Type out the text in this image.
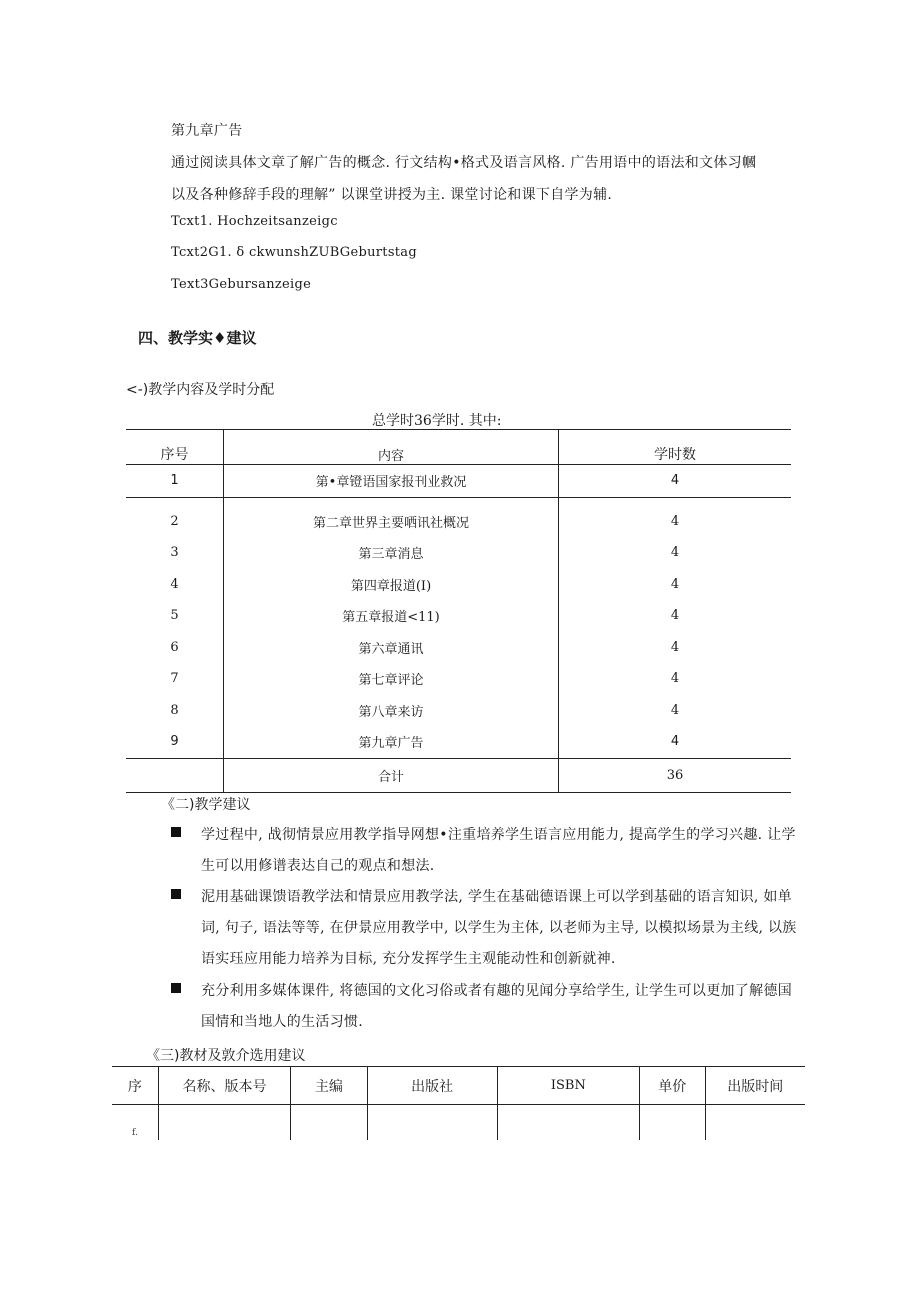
第九章广告
通过阅读具体文章了解广告的概念. 行文结构•格式及语言风格. 广告用语中的语法和文体习幗
以及各种修辞手段的理解” 以课堂讲授为主. 课堂讨论和课下自学为辅.
Tcxt1. Hochzeitsanzeigc
Tcxt2G1. δ ckwunshZUBGeburtstag
Text3Gebursanzeige
四、教学实♦建议
<-)教学内容及学时分配
总学时36学时. 其中:
序号	内容	学时数
1	第•章镫语国家报刊业救况	4
2	第二章世界主要哂讯社概况	4
3	第三章消息	4
4	第四章报道(I)	4
5	第五章报道<11)	4
6	第六章通讯	4
7	第七章评论	4
8	第八章来访	4
9	第九章广告	4
	合计	36
《二)教学建议
学过程中, 战彻情景应用教学指导网想•注重培养学生语言应用能力, 提高学生的学习兴趣. 让学生可以用修谱表达自己的观点和想法.
泥用基础课馈语教学法和情景应用教学法, 学生在基础德语课上可以学到基础的语言知识, 如单词, 句子, 语法等等, 在伊景应用教学中, 以学生为主体, 以老师为主导, 以模拟场景为主线, 以族语实珏应用能力培养为目标, 充分发挥学生主观能动性和创新就神.
充分利用多媒体课件, 将德国的文化习俗或者有趣的见闻分享给学生, 让学生可以更加了解德国国情和当地人的生活习惯.
《三)教材及敦介选用建议
序	名称、版本号	主编	出版社	ISBN	单价	出版时间
f.						
